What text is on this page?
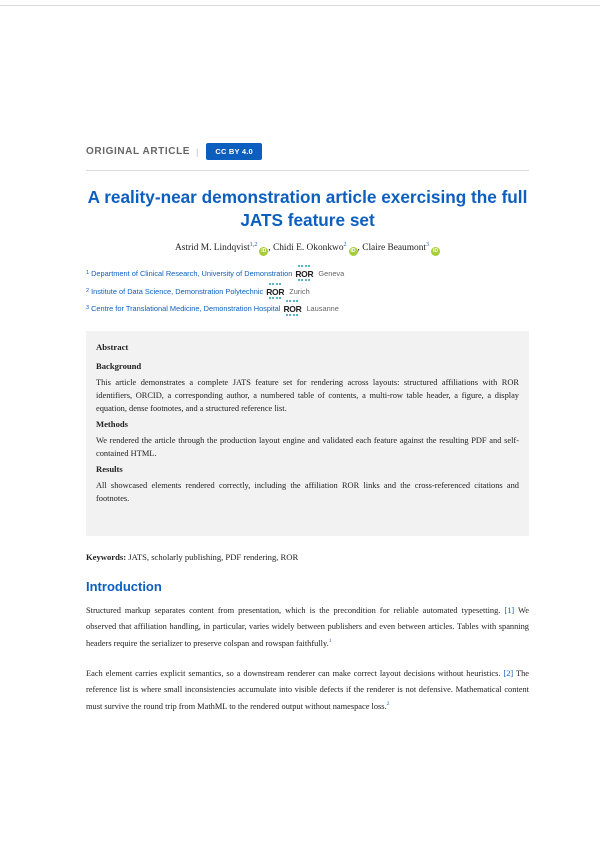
ORIGINAL ARTICLE |	CC BY 4.0
A reality-near demonstration article exercising the full JATS feature set
Astrid M. Lindqvist$^{1,2}$iD , Chidi E. Okonkwo$^2$iD , Claire Beaumont$^3$iD
1 Department of Clinical Research, University of Demonstration ROR Geneva
2 Institute of Data Science, Demonstration Polytechnic ROR Zurich
3 Centre for Translational Medicine, Demonstration Hospital ROR Lausanne
Abstract
Background

This article demonstrates a complete JATS feature set for rendering across layouts: structured affiliations with ROR identifiers, ORCID, a corresponding author, a numbered table of contents, a multi-row table header, a figure, a display equation, dense footnotes, and a structured reference list.

Methods

We rendered the article through the production layout engine and validated each feature against the resulting PDF and self-contained HTML.

Results

All showcased elements rendered correctly, including the affiliation ROR links and the cross-referenced citations and footnotes.

Keywords: JATS, scholarly publishing, PDF rendering, ROR
Introduction
Structured markup separates content from presentation, which is the precondition for reliable automated typesetting. [1] We observed that affiliation handling, in particular, varies widely between publishers and even between articles. Tables with spanning headers require the serializer to preserve colspan and rowspan faithfully.$^1$
Each element carries explicit semantics, so a downstream renderer can make correct layout decisions without heuristics. [2] The reference list is where small inconsistencies accumulate into visible defects if the renderer is not defensive. Mathematical content must survive the round trip from MathML to the rendered output without namespace loss.$^2$
